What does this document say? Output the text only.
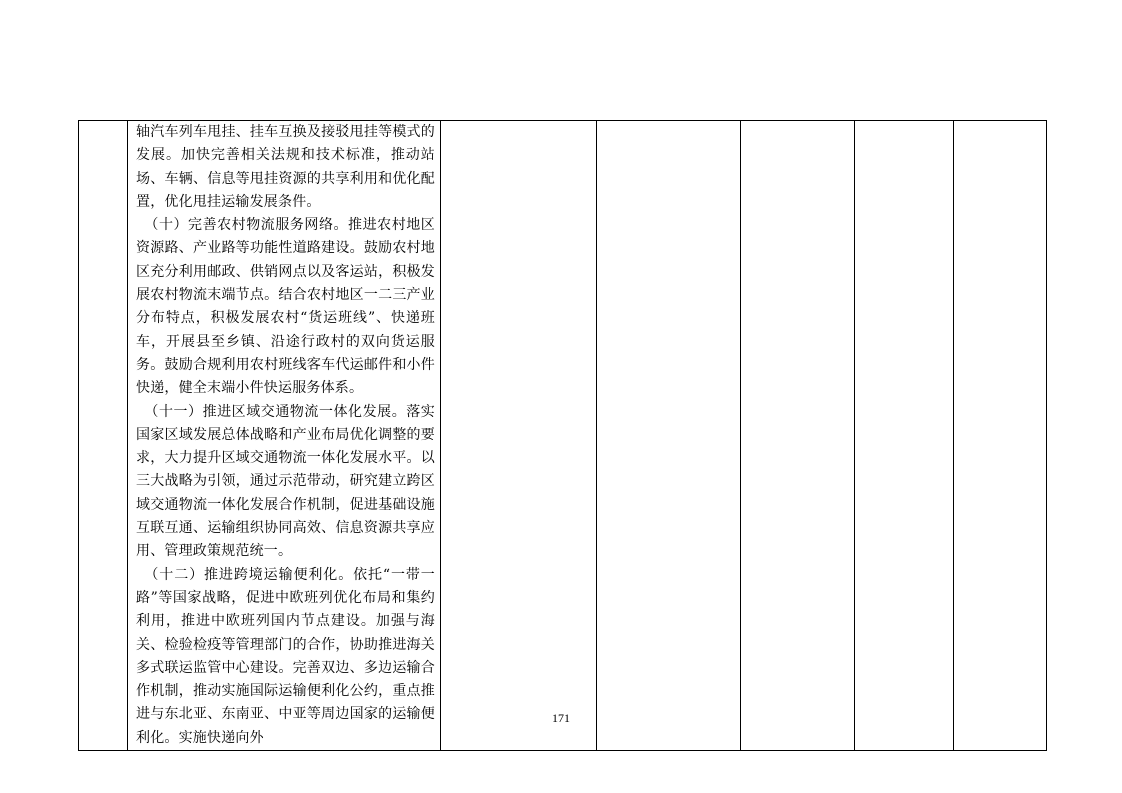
轴汽车列车甩挂、挂车互换及接驳甩挂等模式的发展。加快完善相关法规和技术标准，推动站场、车辆、信息等甩挂资源的共享利用和优化配置，优化甩挂运输发展条件。

（十）完善农村物流服务网络。推进农村地区资源路、产业路等功能性道路建设。鼓励农村地区充分利用邮政、供销网点以及客运站，积极发展农村物流末端节点。结合农村地区一二三产业分布特点，积极发展农村“货运班线”、快递班车，开展县至乡镇、沿途行政村的双向货运服务。鼓励合规利用农村班线客车代运邮件和小件快递，健全末端小件快运服务体系。

（十一）推进区域交通物流一体化发展。落实国家区域发展总体战略和产业布局优化调整的要求，大力提升区域交通物流一体化发展水平。以三大战略为引领，通过示范带动，研究建立跨区域交通物流一体化发展合作机制，促进基础设施互联互通、运输组织协同高效、信息资源共享应用、管理政策规范统一。

（十二）推进跨境运输便利化。依托“一带一路”等国家战略，促进中欧班列优化布局和集约利用，推进中欧班列国内节点建设。加强与海关、检验检疫等管理部门的合作，协助推进海关多式联运监管中心建设。完善双边、多边运输合作机制，推动实施国际运输便利化公约，重点推进与东北亚、东南亚、中亚等周边国家的运输便利化。实施快递向外

171
